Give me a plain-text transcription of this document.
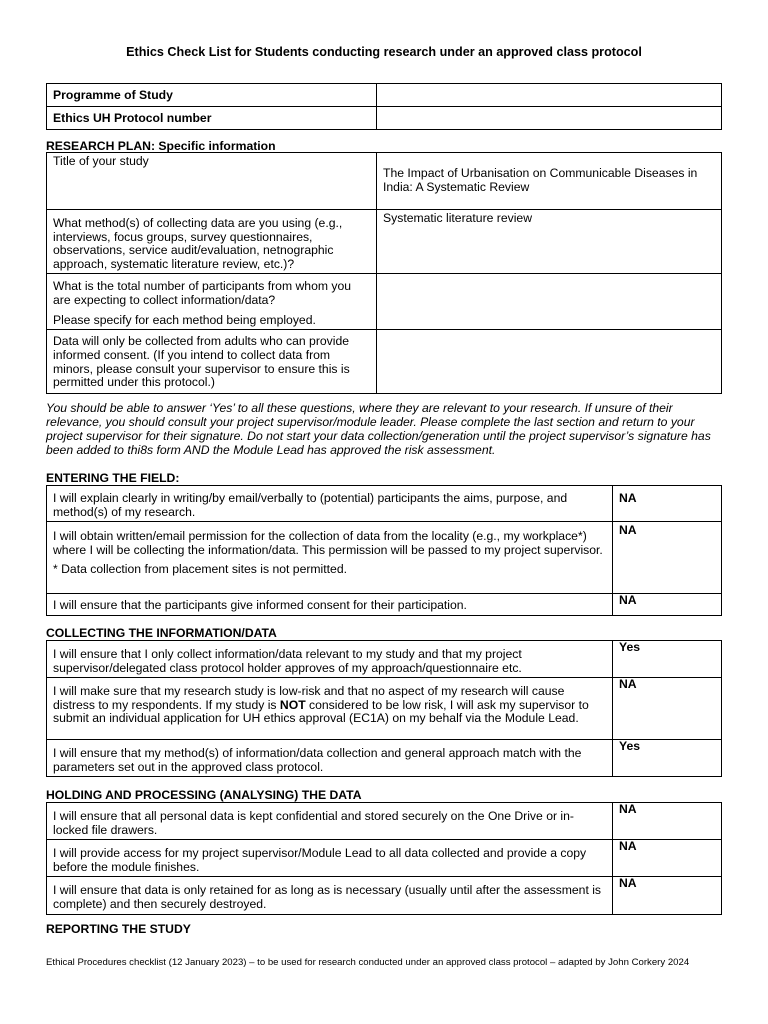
Ethics Check List for Students conducting research under an approved class protocol
Programme of Study	
Ethics UH Protocol number	
RESEARCH PLAN: Specific information
Title of your study	The Impact of Urbanisation on Communicable Diseases in India: A Systematic Review
What method(s) of collecting data are you using (e.g., interviews, focus groups, survey questionnaires, observations, service audit/evaluation, netnographic approach, systematic literature review, etc.)?	Systematic literature review

What is the total number of participants from whom you are expecting to collect information/data?

Please specify for each method being employed.	

Data will only be collected from adults who can provide informed consent. (If you intend to collect data from minors, please consult your supervisor to ensure this is permitted under this protocol.)	
You should be able to answer ‘Yes’ to all these questions, where they are relevant to your research. If unsure of their relevance, you should consult your project supervisor/module leader. Please complete the last section and return to your project supervisor for their signature. Do not start your data collection/generation until the project supervisor’s signature has been added to thi8s form AND the Module Lead has approved the risk assessment.
ENTERING THE FIELD:
I will explain clearly in writing/by email/verbally to (potential) participants the aims, purpose, and method(s) of my research.	NA

I will obtain written/email permission for the collection of data from the locality (e.g., my workplace*) where I will be collecting the information/data. This permission will be passed to my project supervisor.

* Data collection from placement sites is not permitted.	NA
I will ensure that the participants give informed consent for their participation.	NA
COLLECTING THE INFORMATION/DATA
I will ensure that I only collect information/data relevant to my study and that my project supervisor/delegated class protocol holder approves of my approach/questionnaire etc.	Yes
I will make sure that my research study is low-risk and that no aspect of my research will cause distress to my respondents. If my study is NOT considered to be low risk, I will ask my supervisor to submit an individual application for UH ethics approval (EC1A) on my behalf via the Module Lead.	NA
I will ensure that my method(s) of information/data collection and general approach match with the parameters set out in the approved class protocol.	Yes
HOLDING AND PROCESSING (ANALYSING) THE DATA
I will ensure that all personal data is kept confidential and stored securely on the One Drive or in-locked file drawers.	NA
I will provide access for my project supervisor/Module Lead to all data collected and provide a copy before the module finishes.	NA
I will ensure that data is only retained for as long as is necessary (usually until after the assessment is complete) and then securely destroyed.	NA
REPORTING THE STUDY
Ethical Procedures checklist (12 January 2023) – to be used for research conducted under an approved class protocol – adapted by John Corkery 2024
